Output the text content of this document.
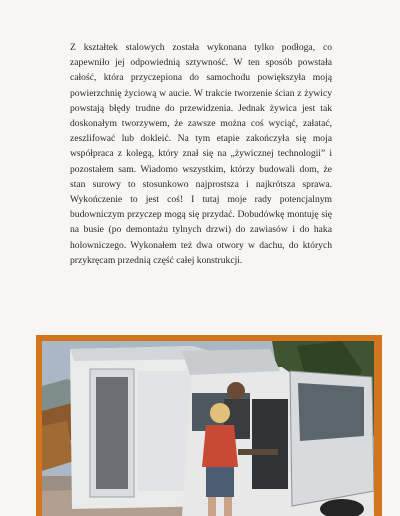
Z kształtek stalowych została wykonana tylko podłoga, co zapewniło jej odpowiednią sztywność. W ten sposób powstała całość, która przyczepiona do samochodu powiększyła moją powierzchnię życiową w aucie. W trakcie tworzenie ścian z żywicy powstają błędy trudne do przewidzenia. Jednak żywica jest tak doskonałym tworzywem, że zawsze można coś wyciąć, załatać, zeszlifować lub dokleić. Na tym etapie zakończyła się moja współpraca z kolegą, który znał się na „żywicznej technologii” i pozostałem sam. Wiadomo wszystkim, którzy budowali dom, że stan surowy to stosunkowo najprostsza i najkrótsza sprawa. Wykończenie to jest coś! I tutaj moje rady potencjalnym budowniczym przyczep mogą się przydać. Dobudówkę montuję się na busie (po demontażu tylnych drzwi) do zawiasów i do haka holowniczego. Wykonałem też dwa otwory w dachu, do których przykręcam przednią część całej konstrukcji.
